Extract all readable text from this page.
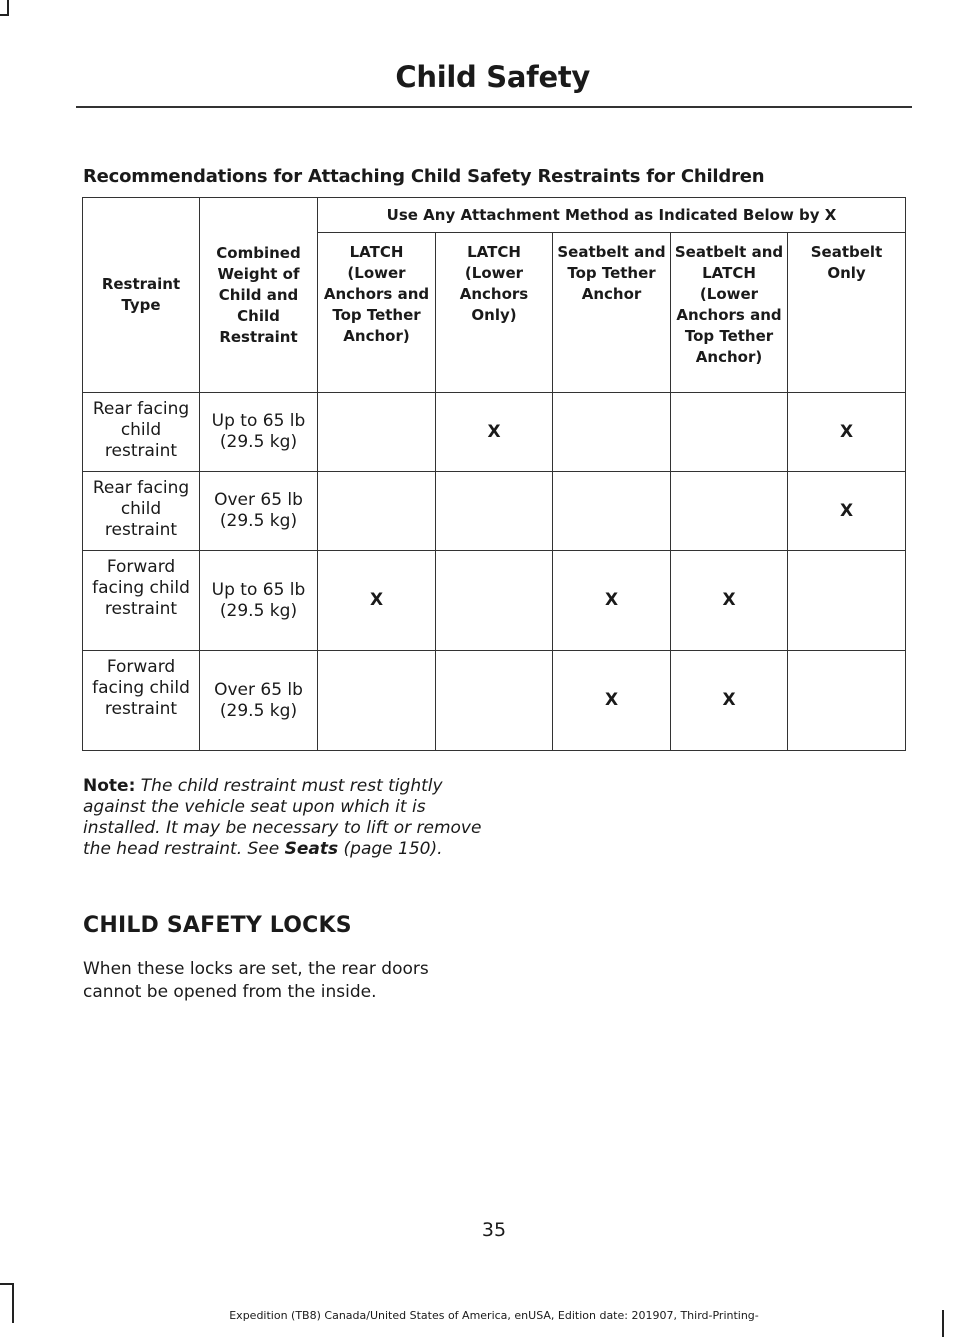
Child Safety
Recommendations for Attaching Child Safety Restraints for Children
Restraint Type	Combined Weight of Child and Child Restraint	Use Any Attachment Method as Indicated Below by X				
		LATCH (Lower Anchors and Top Tether Anchor)	LATCH (Lower Anchors Only)	Seatbelt and Top Tether Anchor	Seatbelt and LATCH (Lower Anchors and Top Tether Anchor)	Seatbelt Only
Rear facing child restraint	Up to 65 lb (29.5 kg)		X			X
Rear facing child restraint	Over 65 lb (29.5 kg)					X
Forward facing child restraint	Up to 65 lb (29.5 kg)	X		X	X	
Forward facing child restraint	Over 65 lb (29.5 kg)			X	X	
Note: The child restraint must rest tightly against the vehicle seat upon which it is installed. It may be necessary to lift or remove the head restraint. See Seats (page 150).
CHILD SAFETY LOCKS
When these locks are set, the rear doors cannot be opened from the inside.
35
Expedition (TB8) Canada/United States of America, enUSA, Edition date: 201907, Third-Printing-
